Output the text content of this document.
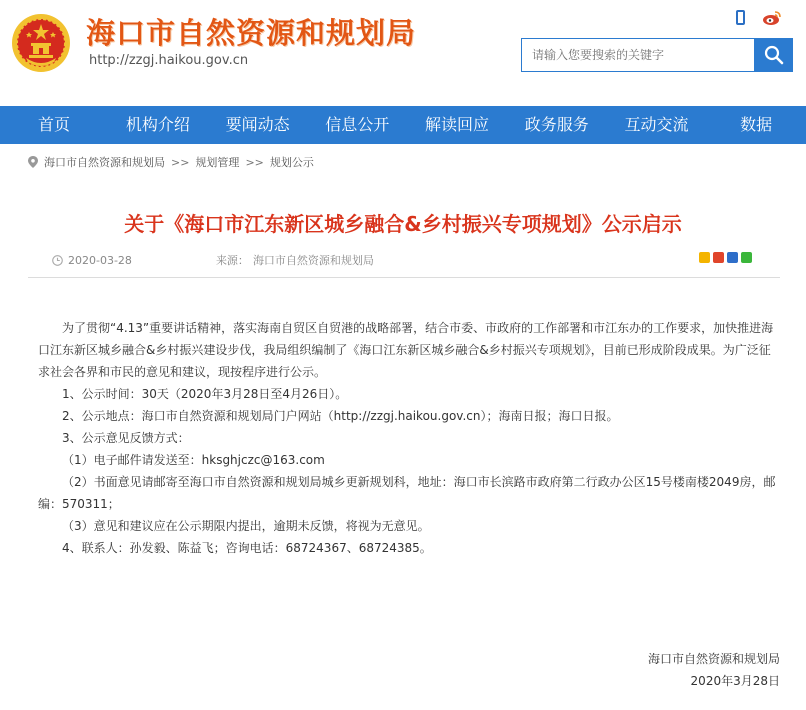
海口市自然资源和规划局
http://zzgj.haikou.gov.cn
请输入您要搜索的关键字
首页	机构介绍	要闻动态	信息公开	解读回应	政务服务	互动交流	数据
海口市自然资源和规划局 >> 规划管理 >> 规划公示
关于《海口市江东新区城乡融合&乡村振兴专项规划》公示启示
2020-03-28	来源： 海口市自然资源和规划局

为了贯彻“4.13”重要讲话精神，落实海南自贸区自贸港的战略部署，结合市委、市政府的工作部署和市江东办的工作要求，加快推进海口江东新区城乡融合&乡村振兴建设步伐，我局组织编制了《海口江东新区城乡融合&乡村振兴专项规划》，目前已形成阶段成果。为广泛征求社会各界和市民的意见和建议，现按程序进行公示。

1、公示时间：30天（2020年3月28日至4月26日）。

2、公示地点：海口市自然资源和规划局门户网站（http://zzgj.haikou.gov.cn）；海南日报；海口日报。

3、公示意见反馈方式：

（1）电子邮件请发送至：hksghjczc@163.com

（2）书面意见请邮寄至海口市自然资源和规划局城乡更新规划科，地址：海口市长滨路市政府第二行政办公区15号楼南楼2049房，邮编：570311；

（3）意见和建议应在公示期限内提出，逾期未反馈，将视为无意见。

4、联系人：孙发毅、陈益飞；咨询电话：68724367、68724385。

海口市自然资源和规划局
2020年3月28日
